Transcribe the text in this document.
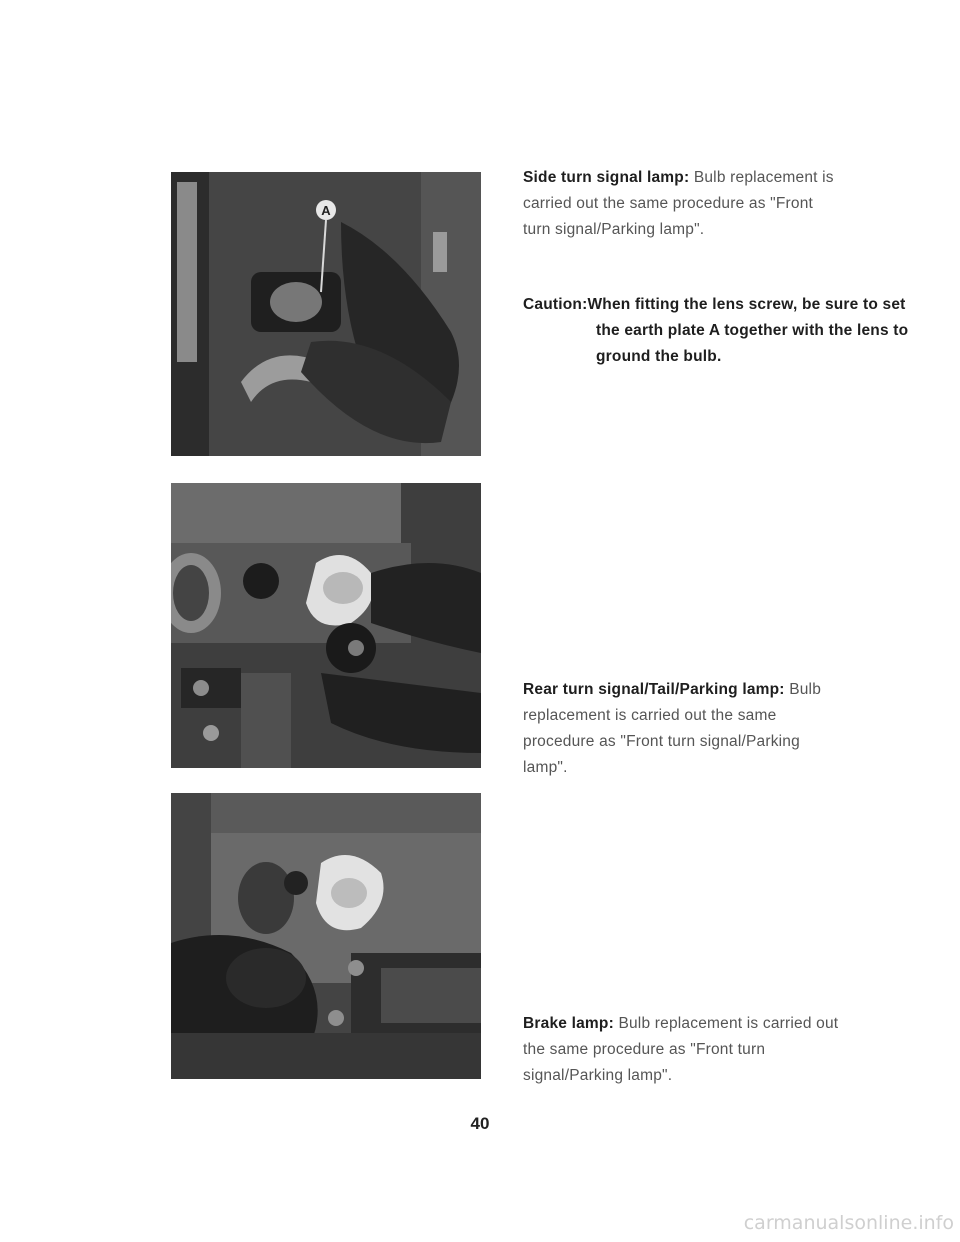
A
Side turn signal lamp: Bulb replacement is carried out the same procedure as "Front turn signal/Parking lamp".
Caution:When fitting the lens screw, be sure to set the earth plate A together with the lens to ground the bulb.
Rear turn signal/Tail/Parking lamp: Bulb replacement is carried out the same procedure as "Front turn signal/Parking lamp".
Brake lamp: Bulb replacement is carried out the same procedure as "Front turn signal/Parking lamp".
40
carmanualsonline.info
